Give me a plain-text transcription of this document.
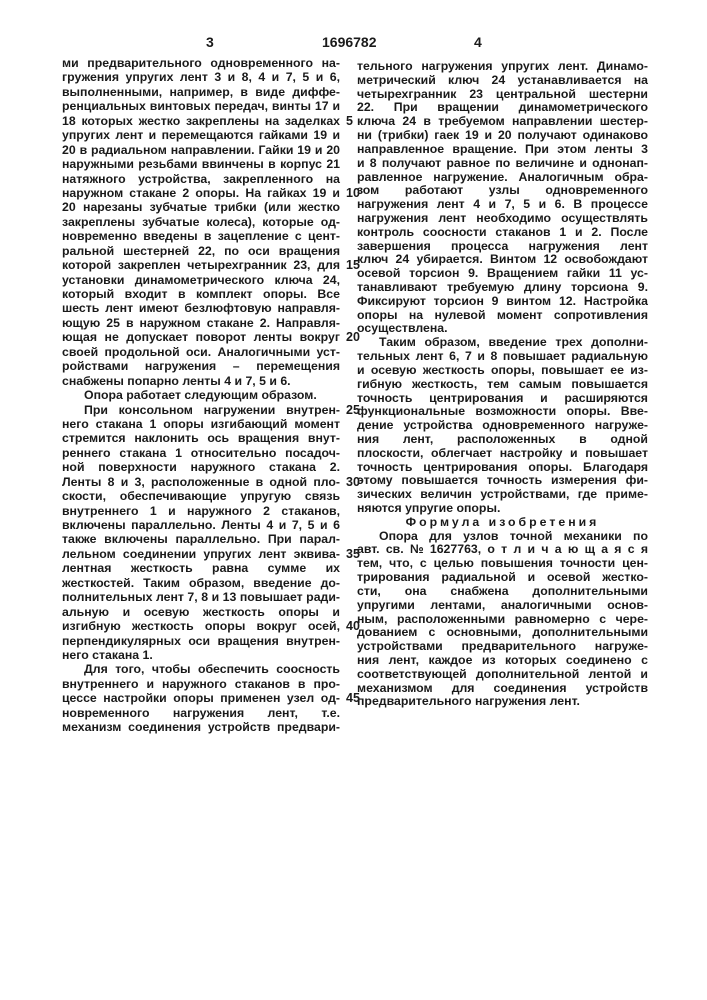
3	1696782	4
ми предварительного одновременного на-
гружения упругих лент 3 и 8, 4 и 7, 5 и 6,
выполненными, например, в виде диффе-
ренциальных винтовых передач, винты 17 и
18 которых жестко закреплены на заделках 5
упругих лент и перемещаются гайками 19 и
20 в радиальном направлении. Гайки 19 и 20
наружными резьбами ввинчены в корпус 21
натяжного устройства, закрепленного на
наружном стакане 2 опоры. На гайках 19 и 10
20 нарезаны зубчатые трибки (или жестко
закреплены зубчатые колеса), которые од-
новременно введены в зацепление с цент-
ральной шестерней 22, по оси вращения
которой закреплен четырехгранник 23, для 15
установки динамометрического ключа 24,
который входит в комплект опоры. Все
шесть лент имеют безлюфтовую направля-
ющую 25 в наружном стакане 2. Направля-
ющая не допускает поворот ленты вокруг 20
своей продольной оси. Аналогичными уст-
ройствами нагружения – перемещения
снабжены попарно ленты 4 и 7, 5 и 6.
Опора работает следующим образом.
При консольном нагружении внутрен- 25
него стакана 1 опоры изгибающий момент
стремится наклонить ось вращения внут-
реннего стакана 1 относительно посадоч-
ной поверхности наружного стакана 2.
Ленты 8 и 3, расположенные в одной пло- 30
скости, обеспечивающие упругую связь
внутреннего 1 и наружного 2 стаканов,
включены параллельно. Ленты 4 и 7, 5 и 6
также включены параллельно. При парал-
лельном соединении упругих лент эквива- 35
лентная жесткость равна сумме их
жесткостей. Таким образом, введение до-
полнительных лент 7, 8 и 13 повышает ради-
альную и осевую жесткость опоры и
изгибную жесткость опоры вокруг осей, 40
перпендикулярных оси вращения внутрен-
него стакана 1.
Для того, чтобы обеспечить соосность
внутреннего и наружного стаканов в про-
цессе настройки опоры применен узел од- 45
новременного нагружения лент, т.е.
механизм соединения устройств предвари-
тельного нагружения упругих лент. Динамо-
метрический ключ 24 устанавливается на
четырехгранник 23 центральной шестерни
22. При вращении динамометрического
ключа 24 в требуемом направлении шестер-
ни (трибки) гаек 19 и 20 получают одинаково
направленное вращение. При этом ленты 3
и 8 получают равное по величине и однонап-
равленное нагружение. Аналогичным обра-
зом работают узлы одновременного
нагружения лент 4 и 7, 5 и 6. В процессе
нагружения лент необходимо осуществлять
контроль соосности стаканов 1 и 2. После
завершения процесса нагружения лент
ключ 24 убирается. Винтом 12 освобождают
осевой торсион 9. Вращением гайки 11 ус-
танавливают требуемую длину торсиона 9.
Фиксируют торсион 9 винтом 12. Настройка
опоры на нулевой момент сопротивления
осуществлена.
Таким образом, введение трех дополни-
тельных лент 6, 7 и 8 повышает радиальную
и осевую жесткость опоры, повышает ее из-
гибную жесткость, тем самым повышается
точность центрирования и расширяются
функциональные возможности опоры. Вве-
дение устройства одновременного нагруже-
ния лент, расположенных в одной
плоскости, облегчает настройку и повышает
точность центрирования опоры. Благодаря
этому повышается точность измерения фи-
зических величин устройствами, где приме-
няются упругие опоры.
Формула изобретения
Опора для узлов точной механики по
авт. св. № 1627763, о т л и ч а ю щ а я с я
тем, что, с целью повышения точности цен-
трирования радиальной и осевой жестко-
сти, она снабжена дополнительными
упругими лентами, аналогичными основ-
ным, расположенными равномерно с чере-
дованием с основными, дополнительными
устройствами предварительного нагруже-
ния лент, каждое из которых соединено с
соответствующей дополнительной лентой и
механизмом для соединения устройств
предварительного нагружения лент.
